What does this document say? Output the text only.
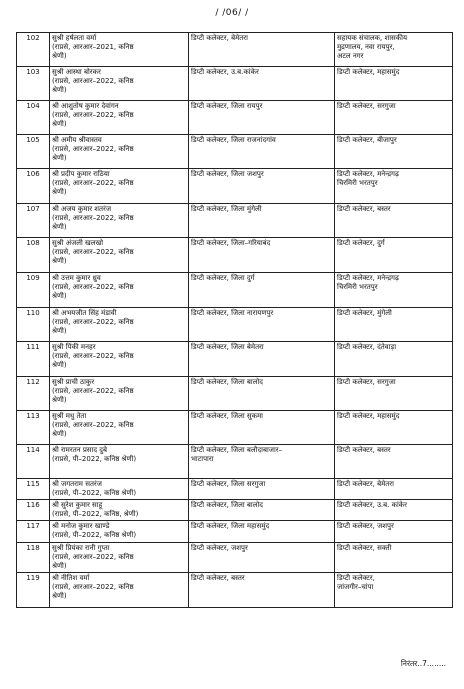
/ /06/ /
102	सुश्री हर्षलता वर्मा
(राप्रसे, आरआर–2021, कनिष्ठ
श्रेणी)	डिप्टी कलेक्टर, बेमेतरा	सहायक संचालक, शासकीय
मुद्रणालय, नवा रायपुर,
अटल नगर

103	सुश्री आस्था बोरकर
(राप्रसे, आरआर–2022, कनिष्ठ
श्रेणी)	डिप्टी कलेक्टर, उ.ब.कांकेर	डिप्टी कलेक्टर, महासमुंद

104	श्री आशुतोष कुमार देवांगन
(राप्रसे, आरआर–2022, कनिष्ठ
श्रेणी)	डिप्टी कलेक्टर, जिला रायपुर	डिप्टी कलेक्टर, सरगुजा

105	श्री अमीय श्रीवास्तव
(राप्रसे, आरआर–2022, कनिष्ठ
श्रेणी)	डिप्टी कलेक्टर, जिला राजनांदगांव	डिप्टी कलेक्टर, बीजापुर

106	श्री प्रदीप कुमार राठिया
(राप्रसे, आरआर–2022, कनिष्ठ
श्रेणी)	डिप्टी कलेक्टर, जिला जशपुर	डिप्टी कलेक्टर, मनेन्द्रगढ़
चिरमिरी भरतपुर

107	श्री अजय कुमार शतरंज
(राप्रसे, आरआर–2022, कनिष्ठ
श्रेणी)	डिप्टी कलेक्टर, जिला मुंगेली	डिप्टी कलेक्टर, बस्तर

108	सुश्री अंजली खलखो
(राप्रसे, आरआर–2022, कनिष्ठ
श्रेणी)	डिप्टी कलेक्टर, जिला–गरियाबंद	डिप्टी कलेक्टर, दुर्ग

109	श्री उत्तम कुमार ध्रुव
(राप्रसे, आरआर–2022, कनिष्ठ
श्रेणी)	डिप्टी कलेक्टर, जिला दुर्ग	डिप्टी कलेक्टर, मनेन्द्रगढ़
चिरमिरी भरतपुर

110	श्री अभयजीत सिंह मंडावी
(राप्रसे, आरआर–2022, कनिष्ठ
श्रेणी)	डिप्टी कलेक्टर, जिला नारायणपुर	डिप्टी कलेक्टर, मुंगेली

111	सुश्री पिंकी मनहर
(राप्रसे, आरआर–2022, कनिष्ठ
श्रेणी)	डिप्टी कलेक्टर, जिला बेमेतरा	डिप्टी कलेक्टर, दंतेवाड़ा

112	सुश्री प्राची ठाकुर
(राप्रसे, आरआर–2022, कनिष्ठ
श्रेणी)	डिप्टी कलेक्टर, जिला बालोद	डिप्टी कलेक्टर, सरगुजा

113	सुश्री मधु तेता
(राप्रसे, आरआर–2022, कनिष्ठ
श्रेणी)	डिप्टी कलेक्टर, जिला सुकमा	डिप्टी कलेक्टर, महासमुंद

114	श्री रामरतन प्रसाद दुबे
(राप्रसे, पी–2022, कनिष्ठ श्रेणी)	डिप्टी कलेक्टर, जिला बलौदाबाजार–
भाटापारा	डिप्टी कलेक्टर, बस्तर

115	श्री जगतराम सतरंज
(राप्रसे, पी–2022, कनिष्ठ श्रेणी)	डिप्टी कलेक्टर, जिला सरगुजा	डिप्टी कलेक्टर, बेमेतरा

116	श्री सुरेश कुमार साहू
(राप्रसे, पी–2022, कनिष्ठ, श्रेणी)	डिप्टी कलेक्टर, जिला बालोद	डिप्टी कलेक्टर, उ.ब. कांकेर

117	श्री मनोज कुमार खाण्डे
(राप्रसे, पी–2022, कनिष्ठ श्रेणी)	डिप्टी कलेक्टर, जिला महासमुंद	डिप्टी कलेक्टर, जशपुर

118	सुश्री प्रियंका रानी गुप्ता
(राप्रसे, आरआर–2022, कनिष्ठ
श्रेणी)	डिप्टी कलेक्टर, जशपुर	डिप्टी कलेक्टर, सक्ती

119	श्री नीतिश वर्मा
(राप्रसे, आरआर–2022, कनिष्ठ
श्रेणी)	डिप्टी कलेक्टर, बस्तर	डिप्टी कलेक्टर,
जांजगीर–चांपा
निरंतर..7........
